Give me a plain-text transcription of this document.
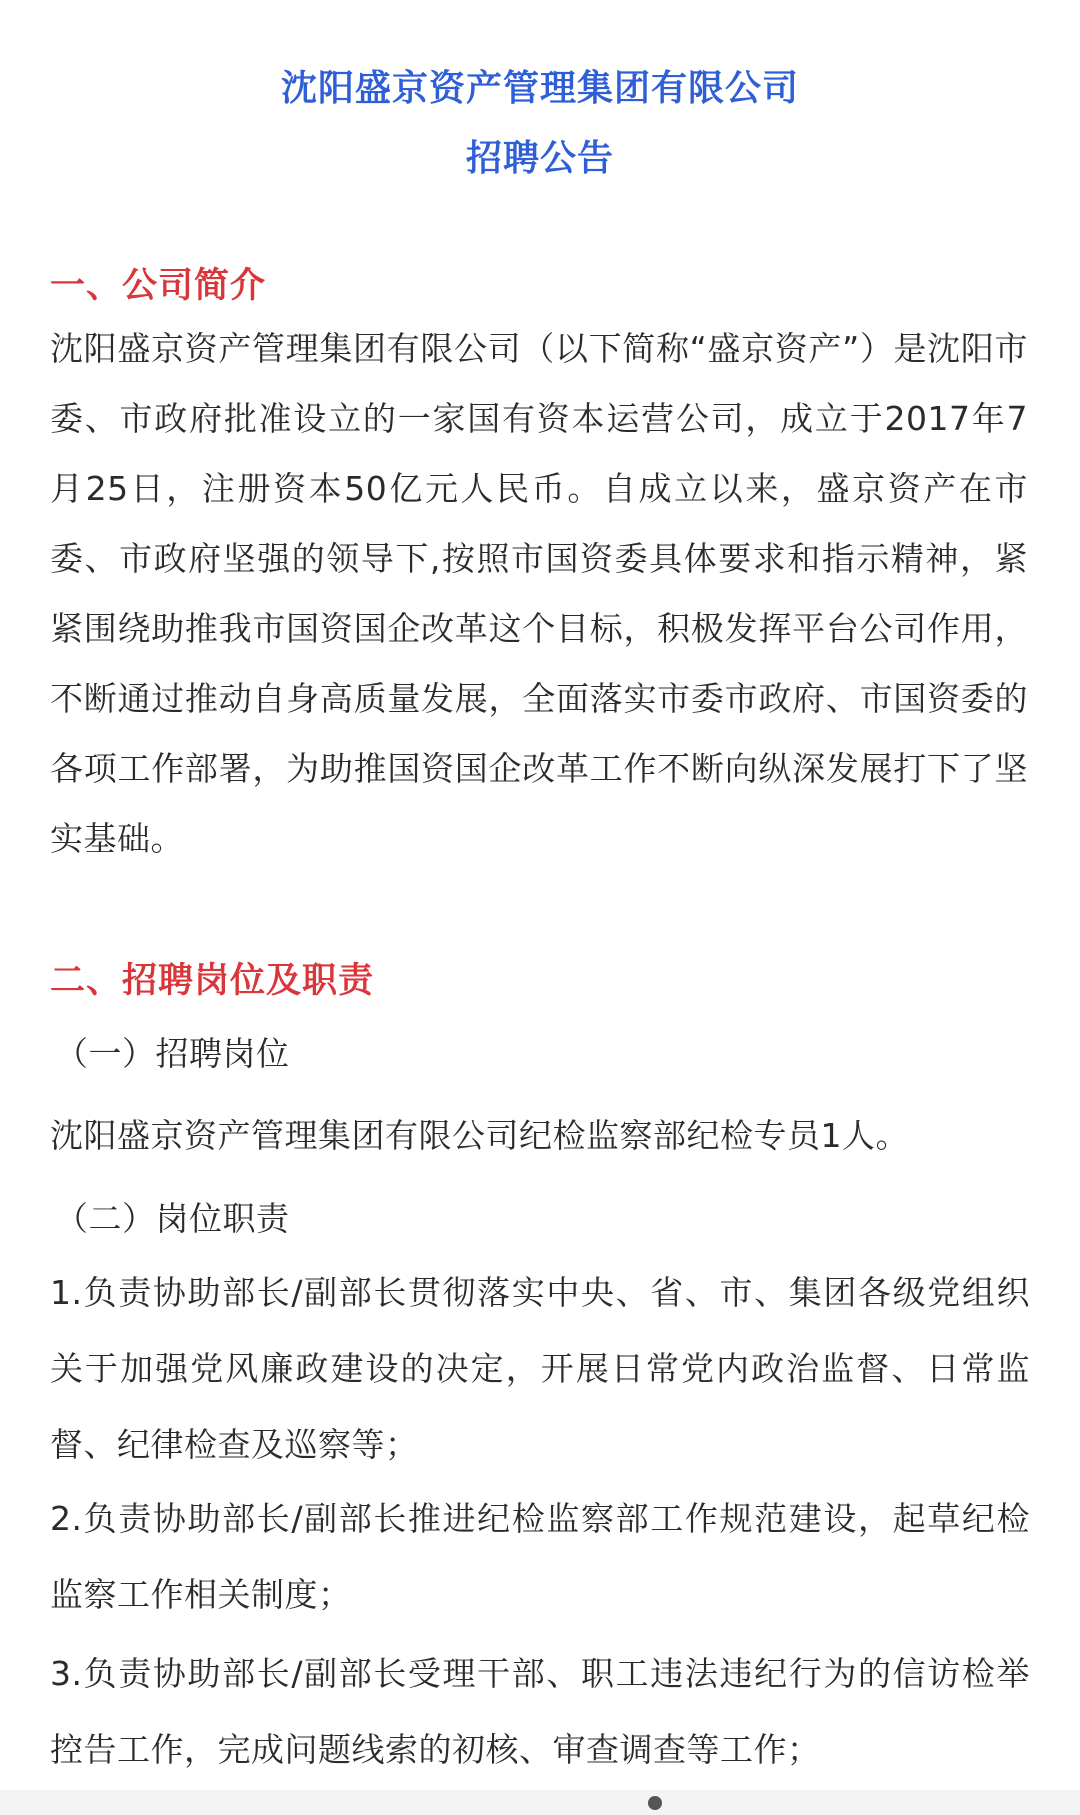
沈阳盛京资产管理集团有限公司
招聘公告
一、公司简介
沈阳盛京资产管理集团有限公司（以下简称“盛京资产”）是沈阳市委、市政府批准设立的一家国有资本运营公司，成立于2017年7月25日，注册资本50亿元人民币。自成立以来，盛京资产在市委、市政府坚强的领导下,按照市国资委具体要求和指示精神，紧紧围绕助推我市国资国企改革这个目标，积极发挥平台公司作用，不断通过推动自身高质量发展，全面落实市委市政府、市国资委的各项工作部署，为助推国资国企改革工作不断向纵深发展打下了坚实基础。
二、招聘岗位及职责
（一）招聘岗位
沈阳盛京资产管理集团有限公司纪检监察部纪检专员1人。
（二）岗位职责
1.负责协助部长/副部长贯彻落实中央、省、市、集团各级党组织关于加强党风廉政建设的决定，开展日常党内政治监督、日常监督、纪律检查及巡察等；
2.负责协助部长/副部长推进纪检监察部工作规范建设，起草纪检监察工作相关制度；
3.负责协助部长/副部长受理干部、职工违法违纪行为的信访检举控告工作，完成问题线索的初核、审查调查等工作；
